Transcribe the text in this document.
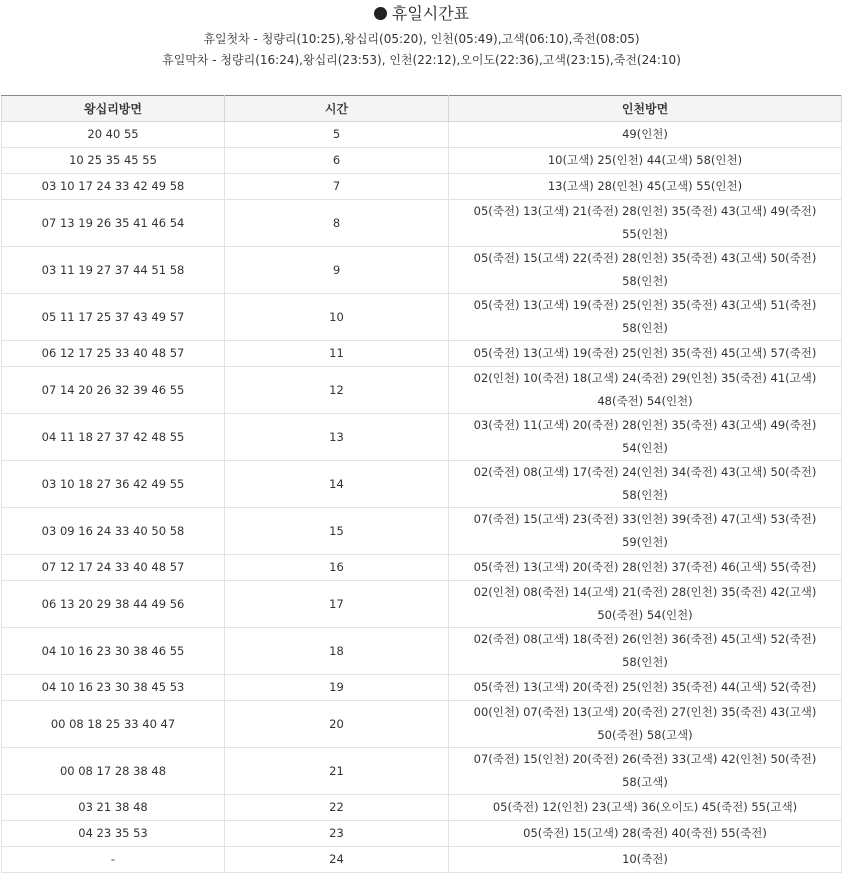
휴일시간표
휴일첫차 - 청량리(10:25),왕십리(05:20), 인천(05:49),고색(06:10),죽전(08:05)
휴일막차 - 청량리(16:24),왕십리(23:53), 인천(22:12),오이도(22:36),고색(23:15),죽전(24:10)
왕십리방면	시간	인천방면
20 40 55	5	49(인천)
10 25 35 45 55	6	10(고색) 25(인천) 44(고색) 58(인천)
03 10 17 24 33 42 49 58	7	13(고색) 28(인천) 45(고색) 55(인천)
07 13 19 26 35 41 46 54	8	05(죽전) 13(고색) 21(죽전) 28(인천) 35(죽전) 43(고색) 49(죽전) 55(인천)
03 11 19 27 37 44 51 58	9	05(죽전) 15(고색) 22(죽전) 28(인천) 35(죽전) 43(고색) 50(죽전) 58(인천)
05 11 17 25 37 43 49 57	10	05(죽전) 13(고색) 19(죽전) 25(인천) 35(죽전) 43(고색) 51(죽전) 58(인천)
06 12 17 25 33 40 48 57	11	05(죽전) 13(고색) 19(죽전) 25(인천) 35(죽전) 45(고색) 57(죽전)
07 14 20 26 32 39 46 55	12	02(인천) 10(죽전) 18(고색) 24(죽전) 29(인천) 35(죽전) 41(고색) 48(죽전) 54(인천)
04 11 18 27 37 42 48 55	13	03(죽전) 11(고색) 20(죽전) 28(인천) 35(죽전) 43(고색) 49(죽전) 54(인천)
03 10 18 27 36 42 49 55	14	02(죽전) 08(고색) 17(죽전) 24(인천) 34(죽전) 43(고색) 50(죽전) 58(인천)
03 09 16 24 33 40 50 58	15	07(죽전) 15(고색) 23(죽전) 33(인천) 39(죽전) 47(고색) 53(죽전) 59(인천)
07 12 17 24 33 40 48 57	16	05(죽전) 13(고색) 20(죽전) 28(인천) 37(죽전) 46(고색) 55(죽전)
06 13 20 29 38 44 49 56	17	02(인천) 08(죽전) 14(고색) 21(죽전) 28(인천) 35(죽전) 42(고색) 50(죽전) 54(인천)
04 10 16 23 30 38 46 55	18	02(죽전) 08(고색) 18(죽전) 26(인천) 36(죽전) 45(고색) 52(죽전) 58(인천)
04 10 16 23 30 38 45 53	19	05(죽전) 13(고색) 20(죽전) 25(인천) 35(죽전) 44(고색) 52(죽전)
00 08 18 25 33 40 47	20	00(인천) 07(죽전) 13(고색) 20(죽전) 27(인천) 35(죽전) 43(고색) 50(죽전) 58(고색)
00 08 17 28 38 48	21	07(죽전) 15(인천) 20(죽전) 26(죽전) 33(고색) 42(인천) 50(죽전) 58(고색)
03 21 38 48	22	05(죽전) 12(인천) 23(고색) 36(오이도) 45(죽전) 55(고색)
04 23 35 53	23	05(죽전) 15(고색) 28(죽전) 40(죽전) 55(죽전)
-	24	10(죽전)
